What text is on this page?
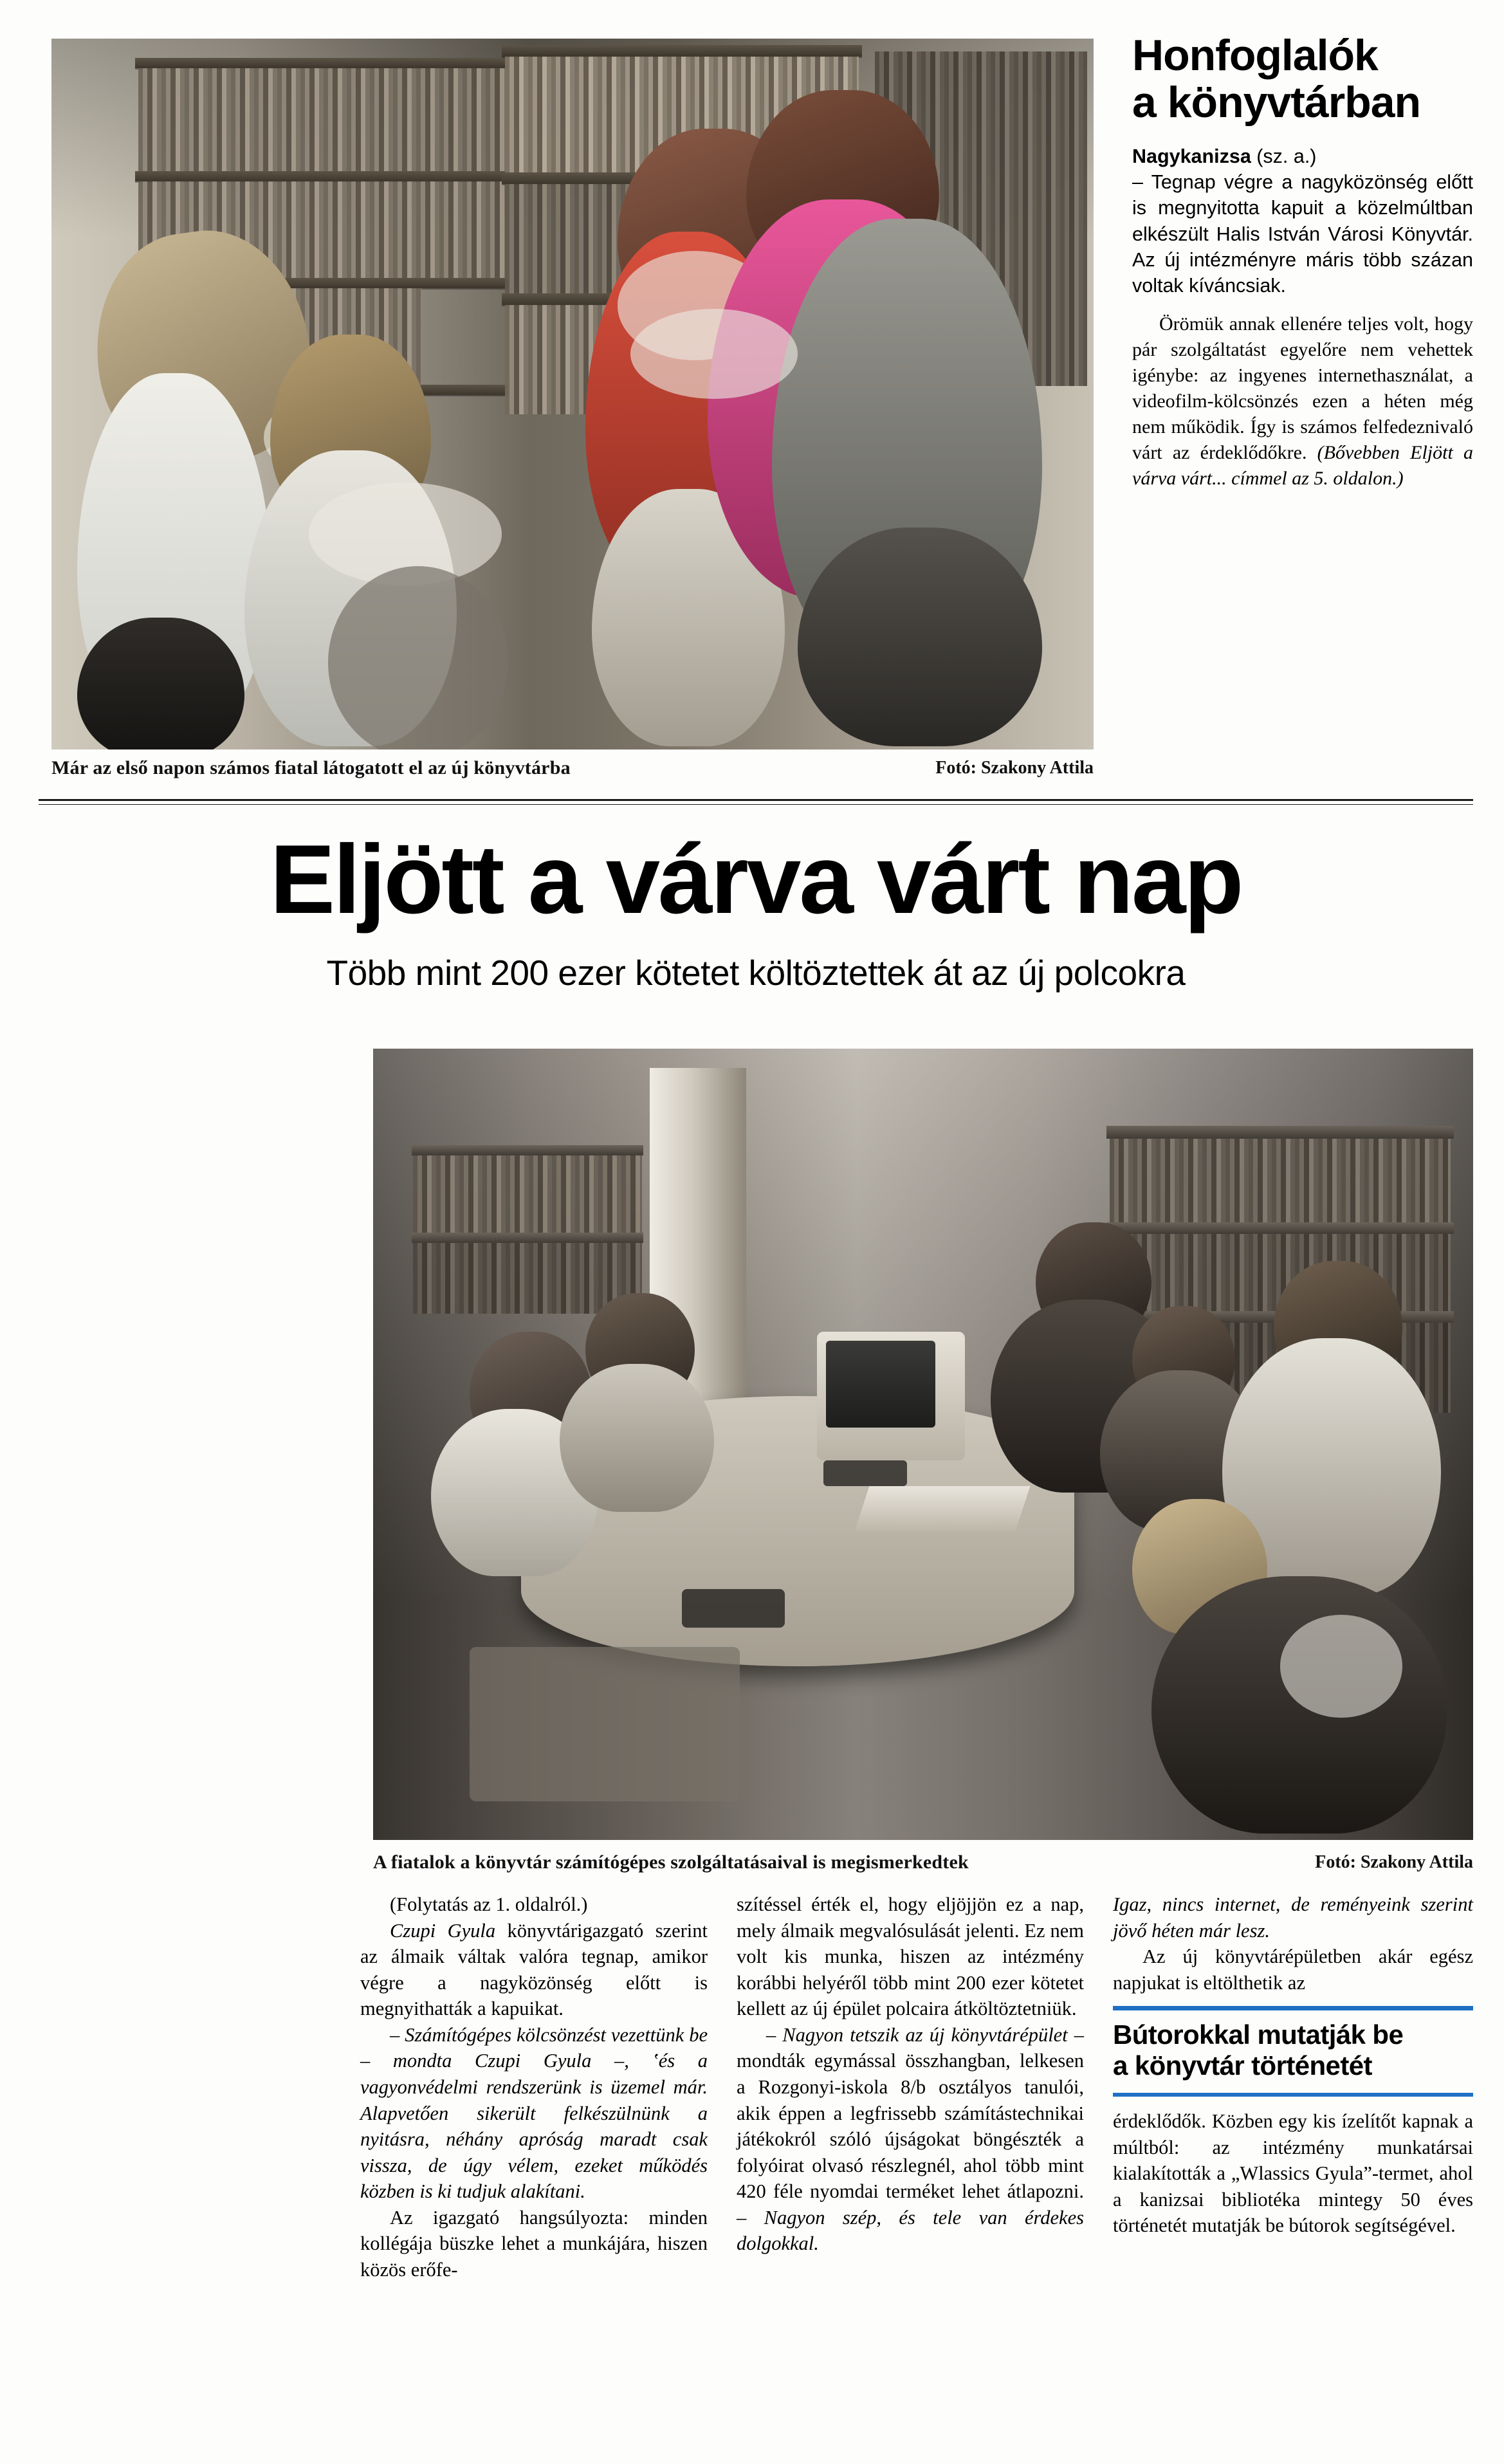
Már az első napon számos fiatal látogatott el az új könyvtárba	Fotó: Szakony Attila
Honfoglalók
a könyvtárban
Nagykanizsa (sz. a.)
– Tegnap végre a nagyközönség előtt is megnyitotta kapuit a közelmúltban elkészült Halis István Városi Könyvtár. Az új intézményre máris több százan voltak kíváncsiak.
Örömük annak ellenére teljes volt, hogy pár szolgáltatást egyelőre nem vehettek igénybe: az ingyenes internethasználat, a videofilm-kölcsönzés ezen a héten még nem működik. Így is számos felfedeznivaló várt az érdeklődőkre. (Bővebben Eljött a várva várt... címmel az 5. oldalon.)
Eljött a várva várt nap
Több mint 200 ezer kötetet költöztettek át az új polcokra
A fiatalok a könyvtár számítógépes szolgáltatásaival is megismerkedtek	Fotó: Szakony Attila

(Folytatás az 1. oldalról.)

Czupi Gyula könyvtárigazgató szerint az álmaik váltak valóra tegnap, amikor végre a nagyközönség előtt is megnyithatták a kapuikat.

– Számítógépes kölcsönzést vezettünk be – mondta Czupi Gyula –, ʽés a vagyonvédelmi rendszerünk is üzemel már. Alapvetően sikerült felkészülnünk a nyitásra, néhány apróság maradt csak vissza, de úgy vélem, ezeket működés közben is ki tudjuk alakítani.

Az igazgató hangsúlyozta: minden kollégája büszke lehet a munkájára, hiszen közös erőfe-

szítéssel érték el, hogy eljöjjön ez a nap, mely álmaik megvalósulását jelenti. Ez nem volt kis munka, hiszen az intézmény korábbi helyéről több mint 200 ezer kötetet kellett az új épület polcaira átköltöztetniük.

– Nagyon tetszik az új könyvtárépület – mondták egymással összhangban, lelkesen a Rozgonyi-iskola 8/b osztályos tanulói, akik éppen a legfrissebb számítástechnikai játékokról szóló újságokat böngészték a folyóirat olvasó részlegnél, ahol több mint 420 féle nyomdai terméket lehet átlapozni. – Nagyon szép, és tele van érdekes dolgokkal.

Igaz, nincs internet, de reményeink szerint jövő héten már lesz.

Az új könyvtárépületben akár egész napjukat is eltölthetik az

Bútorokkal mutatják be
a könyvtár történetét

érdeklődők. Közben egy kis ízelítőt kapnak a múltból: az intézmény munkatársai kialakították a „Wlassics Gyula”-termet, ahol a kanizsai bibliotéka mintegy 50 éves történetét mutatják be bútorok segítségével.
